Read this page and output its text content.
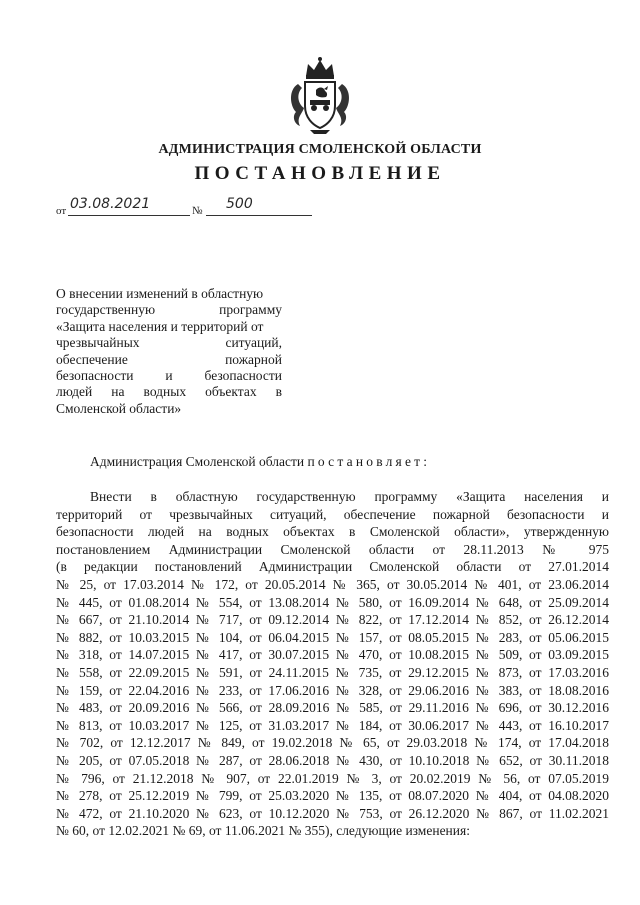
АДМИНИСТРАЦИЯ СМОЛЕНСКОЙ ОБЛАСТИ
ПОСТАНОВЛЕНИЕ
от 03.08.2021	№ 500
О внесении изменений в областную
государственную программу
«Защита населения и территорий от
чрезвычайных ситуаций,
обеспечение пожарной
безопасности и безопасности
людей на водных объектах в
Смоленской области»
Администрация Смоленской области постановляет:
Внести в областную государственную программу «Защита населения и
территорий от чрезвычайных ситуаций, обеспечение пожарной безопасности и
безопасности людей на водных объектах в Смоленской области», утвержденную
постановлением Администрации Смоленской области от 28.11.2013 № 975
(в редакции постановлений Администрации Смоленской области от 27.01.2014
№ 25, от 17.03.2014 № 172, от 20.05.2014 № 365, от 30.05.2014 № 401, от 23.06.2014
№ 445, от 01.08.2014 № 554, от 13.08.2014 № 580, от 16.09.2014 № 648, от 25.09.2014
№ 667, от 21.10.2014 № 717, от 09.12.2014 № 822, от 17.12.2014 № 852, от 26.12.2014
№ 882, от 10.03.2015 № 104, от 06.04.2015 № 157, от 08.05.2015 № 283, от 05.06.2015
№ 318, от 14.07.2015 № 417, от 30.07.2015 № 470, от 10.08.2015 № 509, от 03.09.2015
№ 558, от 22.09.2015 № 591, от 24.11.2015 № 735, от 29.12.2015 № 873, от 17.03.2016
№ 159, от 22.04.2016 № 233, от 17.06.2016 № 328, от 29.06.2016 № 383, от 18.08.2016
№ 483, от 20.09.2016 № 566, от 28.09.2016 № 585, от 29.11.2016 № 696, от 30.12.2016
№ 813, от 10.03.2017 № 125, от 31.03.2017 № 184, от 30.06.2017 № 443, от 16.10.2017
№ 702, от 12.12.2017 № 849, от 19.02.2018 № 65, от 29.03.2018 № 174, от 17.04.2018
№ 205, от 07.05.2018 № 287, от 28.06.2018 № 430, от 10.10.2018 № 652, от 30.11.2018
№ 796, от 21.12.2018 № 907, от 22.01.2019 № 3, от 20.02.2019 № 56, от 07.05.2019
№ 278, от 25.12.2019 № 799, от 25.03.2020 № 135, от 08.07.2020 № 404, от 04.08.2020
№ 472, от 21.10.2020 № 623, от 10.12.2020 № 753, от 26.12.2020 № 867, от 11.02.2021
№ 60, от 12.02.2021 № 69, от 11.06.2021 № 355), следующие изменения:
